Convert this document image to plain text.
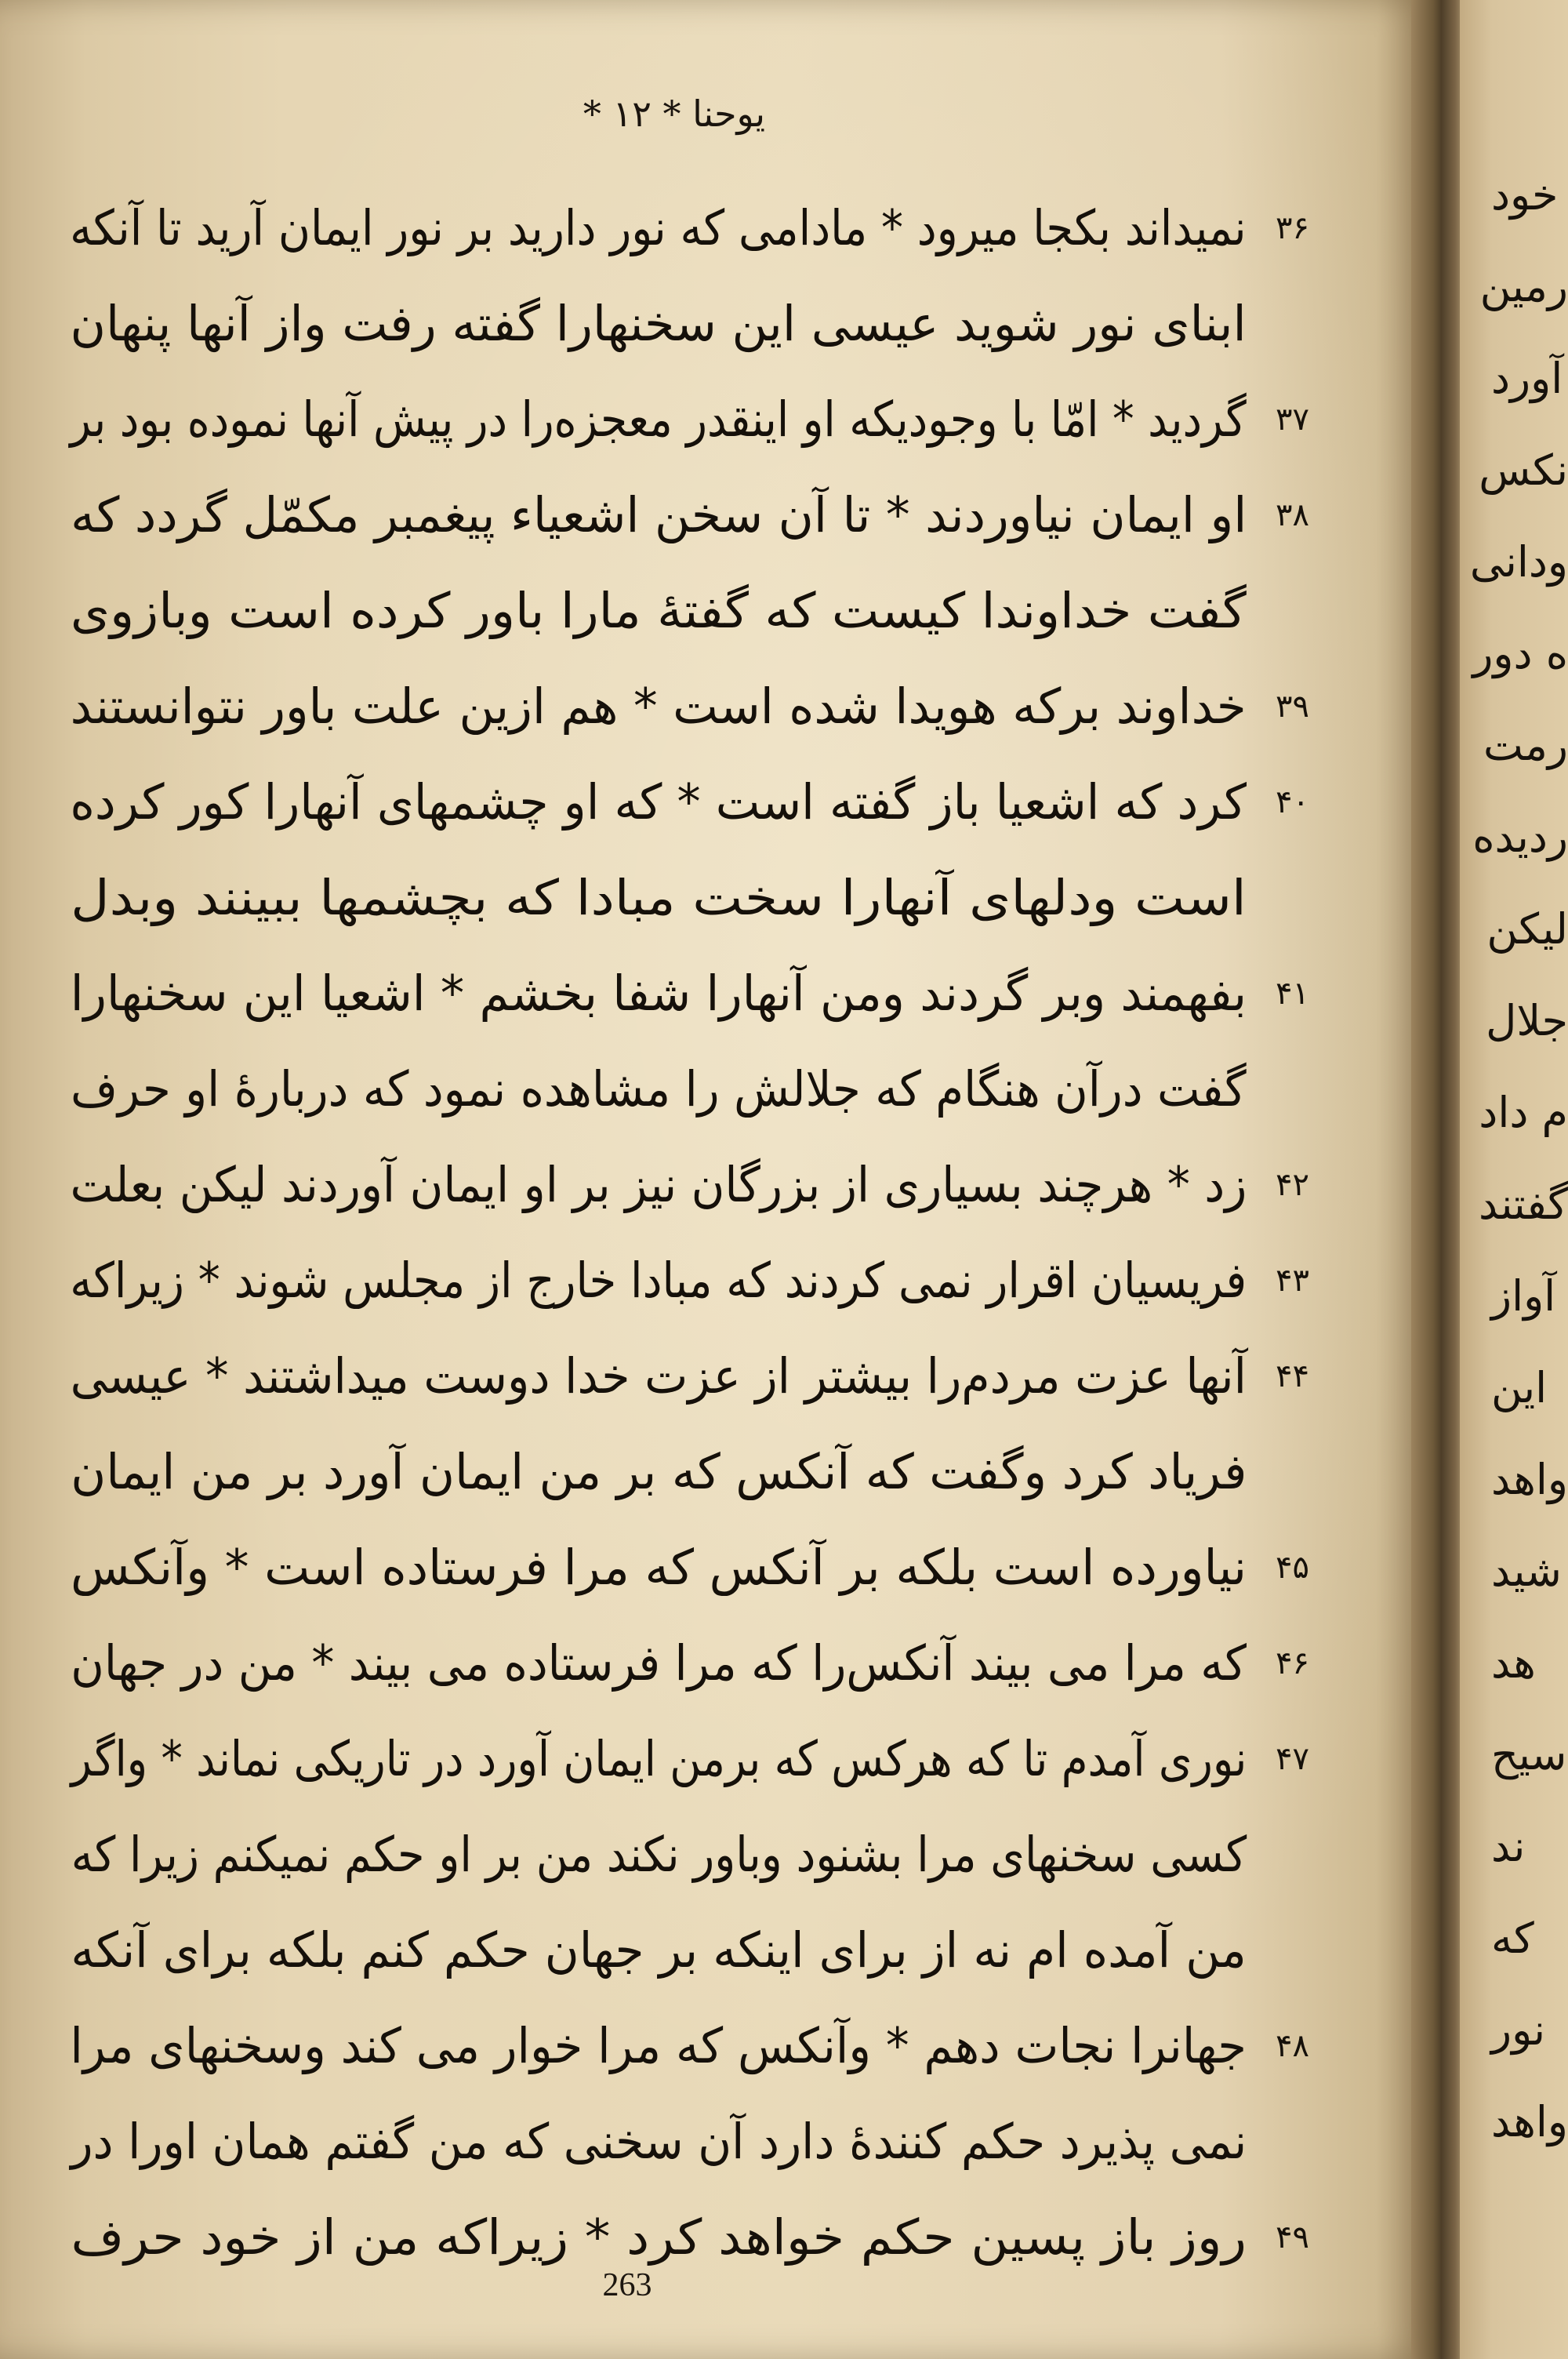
یوحنا * ۱۲ *
۳۶
نمیداند بکجا میرود * مادامی که نور دارید بر نور ایمان آرید تا آنکه
ابنای نور شوید عیسی این سخنهارا گفته رفت واز آنها پنهان
۳۷
گردید * امّا با وجودیکه او اینقدر معجزه‌را در پیش آنها نموده بود بر
۳۸
او ایمان نیاوردند * تا آن سخن اشعیاء پیغمبر مکمّل گردد که
گفت خداوندا کیست که گفتهٔ مارا باور کرده است وبازوی
۳۹
خداوند برکه هویدا شده است * هم ازین علت باور نتوانستند
۴۰
کرد که اشعیا باز گفته است * که او چشمهای آنهارا کور کرده
است ودلهای آنهارا سخت مبادا که بچشمها ببینند وبدل
۴۱
بفهمند وبر گردند ومن آنهارا شفا بخشم * اشعیا این سخنهارا
گفت درآن هنگام که جلالش را مشاهده نمود که دربارهٔ او حرف
۴۲
زد * هرچند بسیاری از بزرگان نیز بر او ایمان آوردند لیکن بعلت
۴۳
فریسیان اقرار نمی کردند که مبادا خارج از مجلس شوند * زیراکه
۴۴
آنها عزت مردم‌را بیشتر از عزت خدا دوست میداشتند * عیسی
فریاد کرد وگفت که آنکس که بر من ایمان آورد بر من ایمان
۴۵
نیاورده است بلکه بر آنکس که مرا فرستاده است * وآنکس
۴۶
که مرا می بیند آنکس‌را که مرا فرستاده می بیند * من در جهان
۴۷
نوری آمدم تا که هرکس که برمن ایمان آورد در تاریکی نماند * واگر
کسی سخنهای مرا بشنود وباور نکند من بر او حکم نمیکنم زیرا که
من آمده ام نه از برای اینکه بر جهان حکم کنم بلکه برای آنکه
۴۸
جهانرا نجات دهم * وآنکس که مرا خوار می کند وسخنهای مرا
نمی پذیرد حکم کنندهٔ دارد آن سخنی که من گفتم همان اورا در
۴۹
روز باز پسین حکم خواهد کرد * زیراکه من از خود حرف
263
خود
رمین
آورد
نکس
ودانی
ه دور
رمت
ردیده
لیکن
جلال
م داد
گفتند
آواز
این
واهد
شید
هد
سیح
ند
که
نور
واهد
